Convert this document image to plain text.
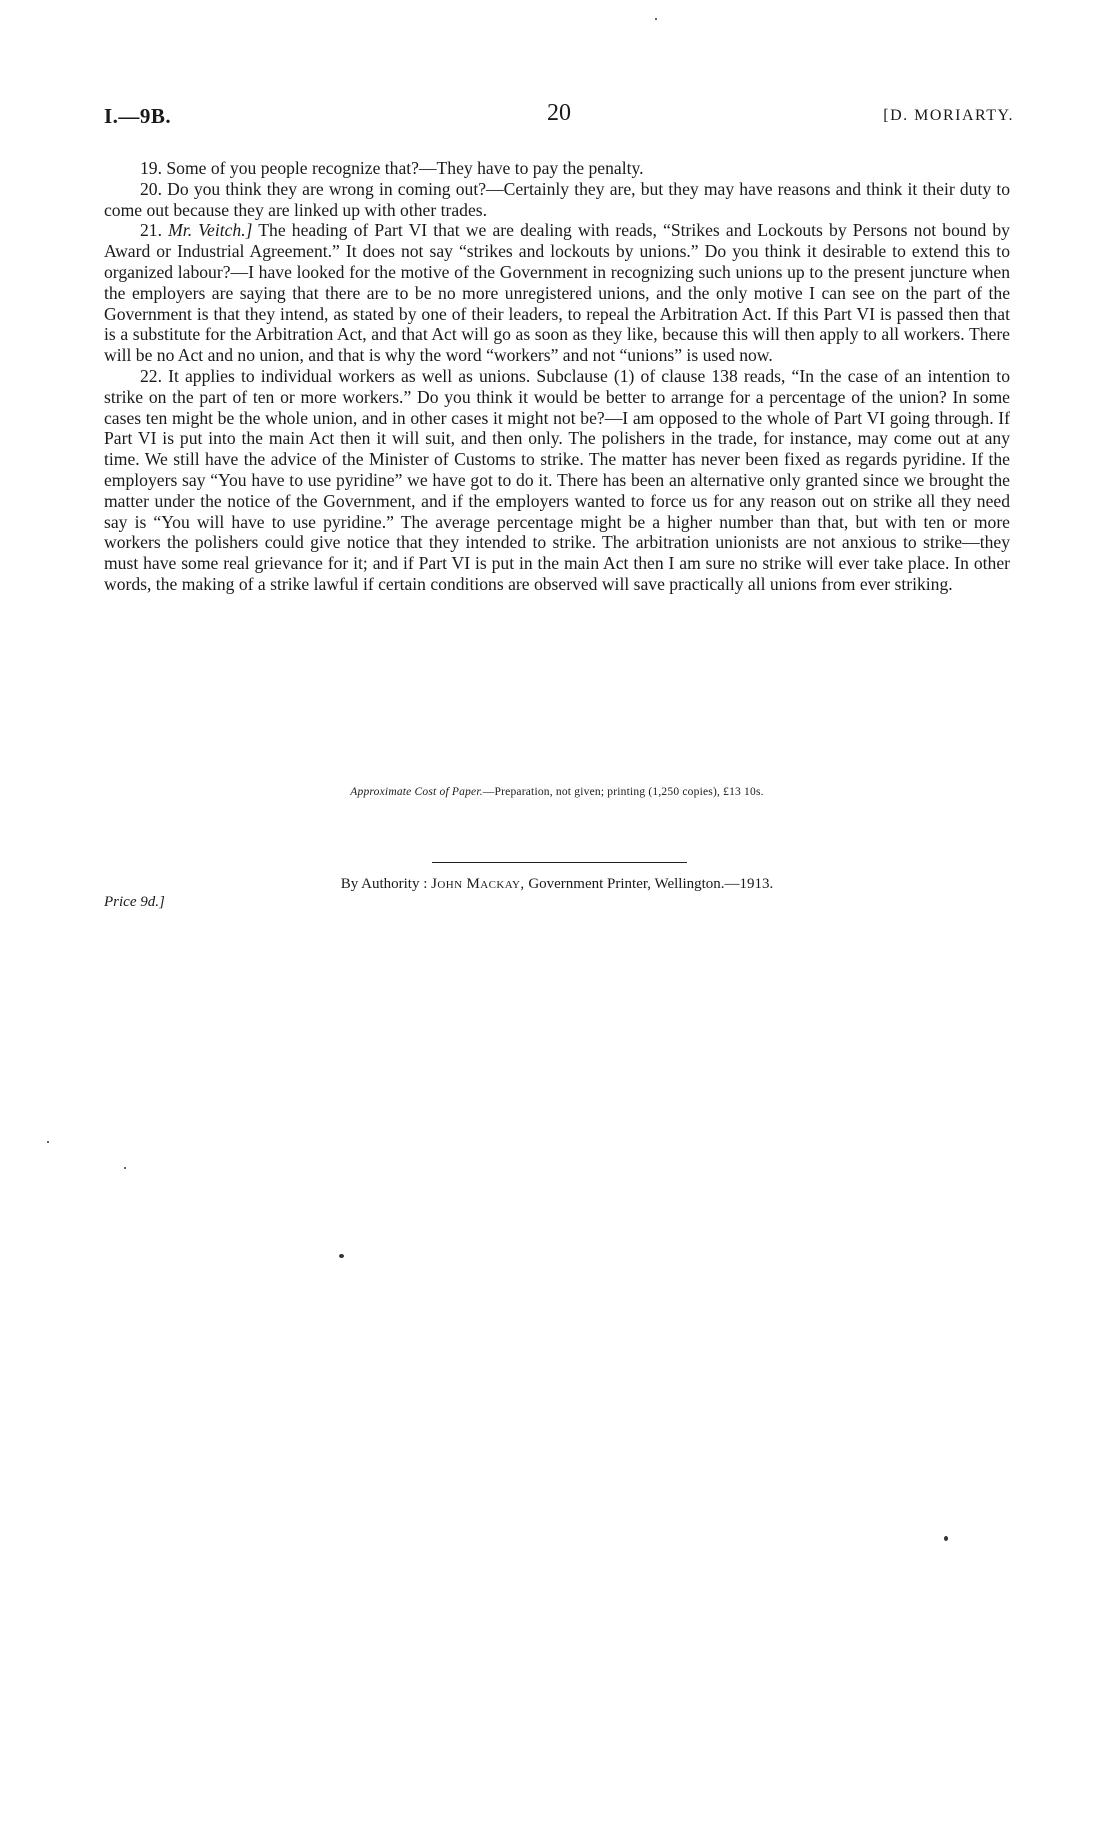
I.—9B.	20	[D. MORIARTY.

19. Some of you people recognize that?—They have to pay the penalty.

20. Do you think they are wrong in coming out?—Certainly they are, but they may have reasons and think it their duty to come out because they are linked up with other trades.

21. Mr. Veitch.] The heading of Part VI that we are dealing with reads, “Strikes and Lockouts by Persons not bound by Award or Industrial Agreement.” It does not say “strikes and lockouts by unions.” Do you think it desirable to extend this to organized labour?—I have looked for the motive of the Government in recognizing such unions up to the present juncture when the employers are saying that there are to be no more unregistered unions, and the only motive I can see on the part of the Government is that they intend, as stated by one of their leaders, to repeal the Arbitration Act. If this Part VI is passed then that is a substitute for the Arbitration Act, and that Act will go as soon as they like, because this will then apply to all workers. There will be no Act and no union, and that is why the word “workers” and not “unions” is used now.

22. It applies to individual workers as well as unions. Subclause (1) of clause 138 reads, “In the case of an intention to strike on the part of ten or more workers.” Do you think it would be better to arrange for a percentage of the union? In some cases ten might be the whole union, and in other cases it might not be?—I am opposed to the whole of Part VI going through. If Part VI is put into the main Act then it will suit, and then only. The polishers in the trade, for instance, may come out at any time. We still have the advice of the Minister of Customs to strike. The matter has never been fixed as regards pyridine. If the employers say “You have to use pyridine” we have got to do it. There has been an alternative only granted since we brought the matter under the notice of the Government, and if the employers wanted to force us for any reason out on strike all they need say is “You will have to use pyridine.” The average percentage might be a higher number than that, but with ten or more workers the polishers could give notice that they intended to strike. The arbitration unionists are not anxious to strike—they must have some real grievance for it; and if Part VI is put in the main Act then I am sure no strike will ever take place. In other words, the making of a strike lawful if certain conditions are observed will save practically all unions from ever striking.

Approximate Cost of Paper.—Preparation, not given; printing (1,250 copies), £13 10s.
By Authority : John Mackay, Government Printer, Wellington.—1913.
Price 9d.]
